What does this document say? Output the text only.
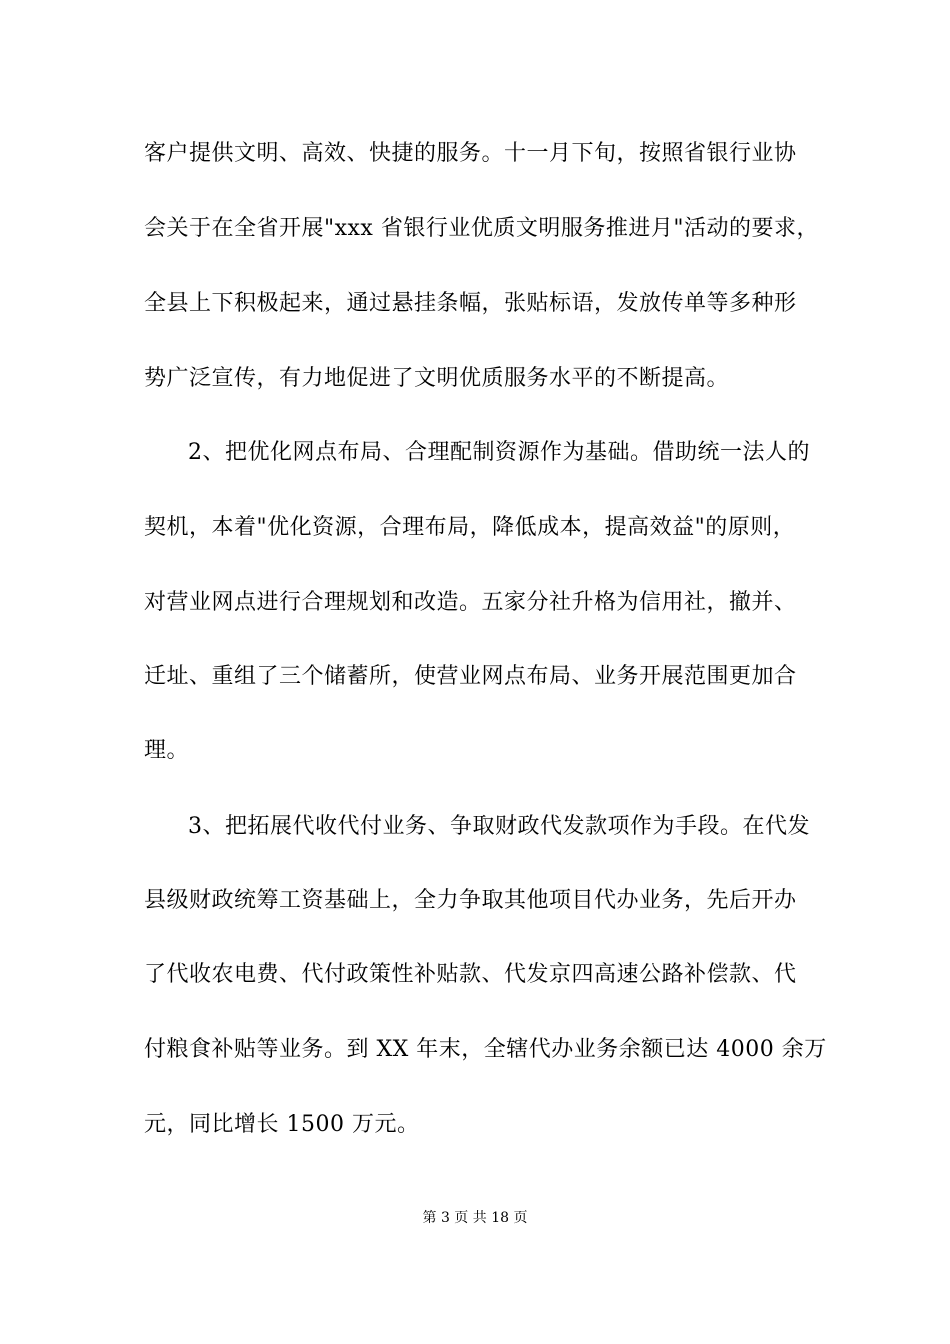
客户提供文明、高效、快捷的服务。十一月下旬，按照省银行业协
会关于在全省开展"xxx 省银行业优质文明服务推进月"活动的要求，
全县上下积极起来，通过悬挂条幅，张贴标语，发放传单等多种形
势广泛宣传，有力地促进了文明优质服务水平的不断提高。
2、把优化网点布局、合理配制资源作为基础。借助统一法人的
契机，本着"优化资源，合理布局，降低成本，提高效益"的原则，
对营业网点进行合理规划和改造。五家分社升格为信用社，撤并、
迁址、重组了三个储蓄所，使营业网点布局、业务开展范围更加合
理。
3、把拓展代收代付业务、争取财政代发款项作为手段。在代发
县级财政统筹工资基础上，全力争取其他项目代办业务，先后开办
了代收农电费、代付政策性补贴款、代发京四高速公路补偿款、代
付粮食补贴等业务。到 XX 年末，全辖代办业务余额已达 4000 余万
元，同比增长 1500 万元。
第 3 页 共 18 页
